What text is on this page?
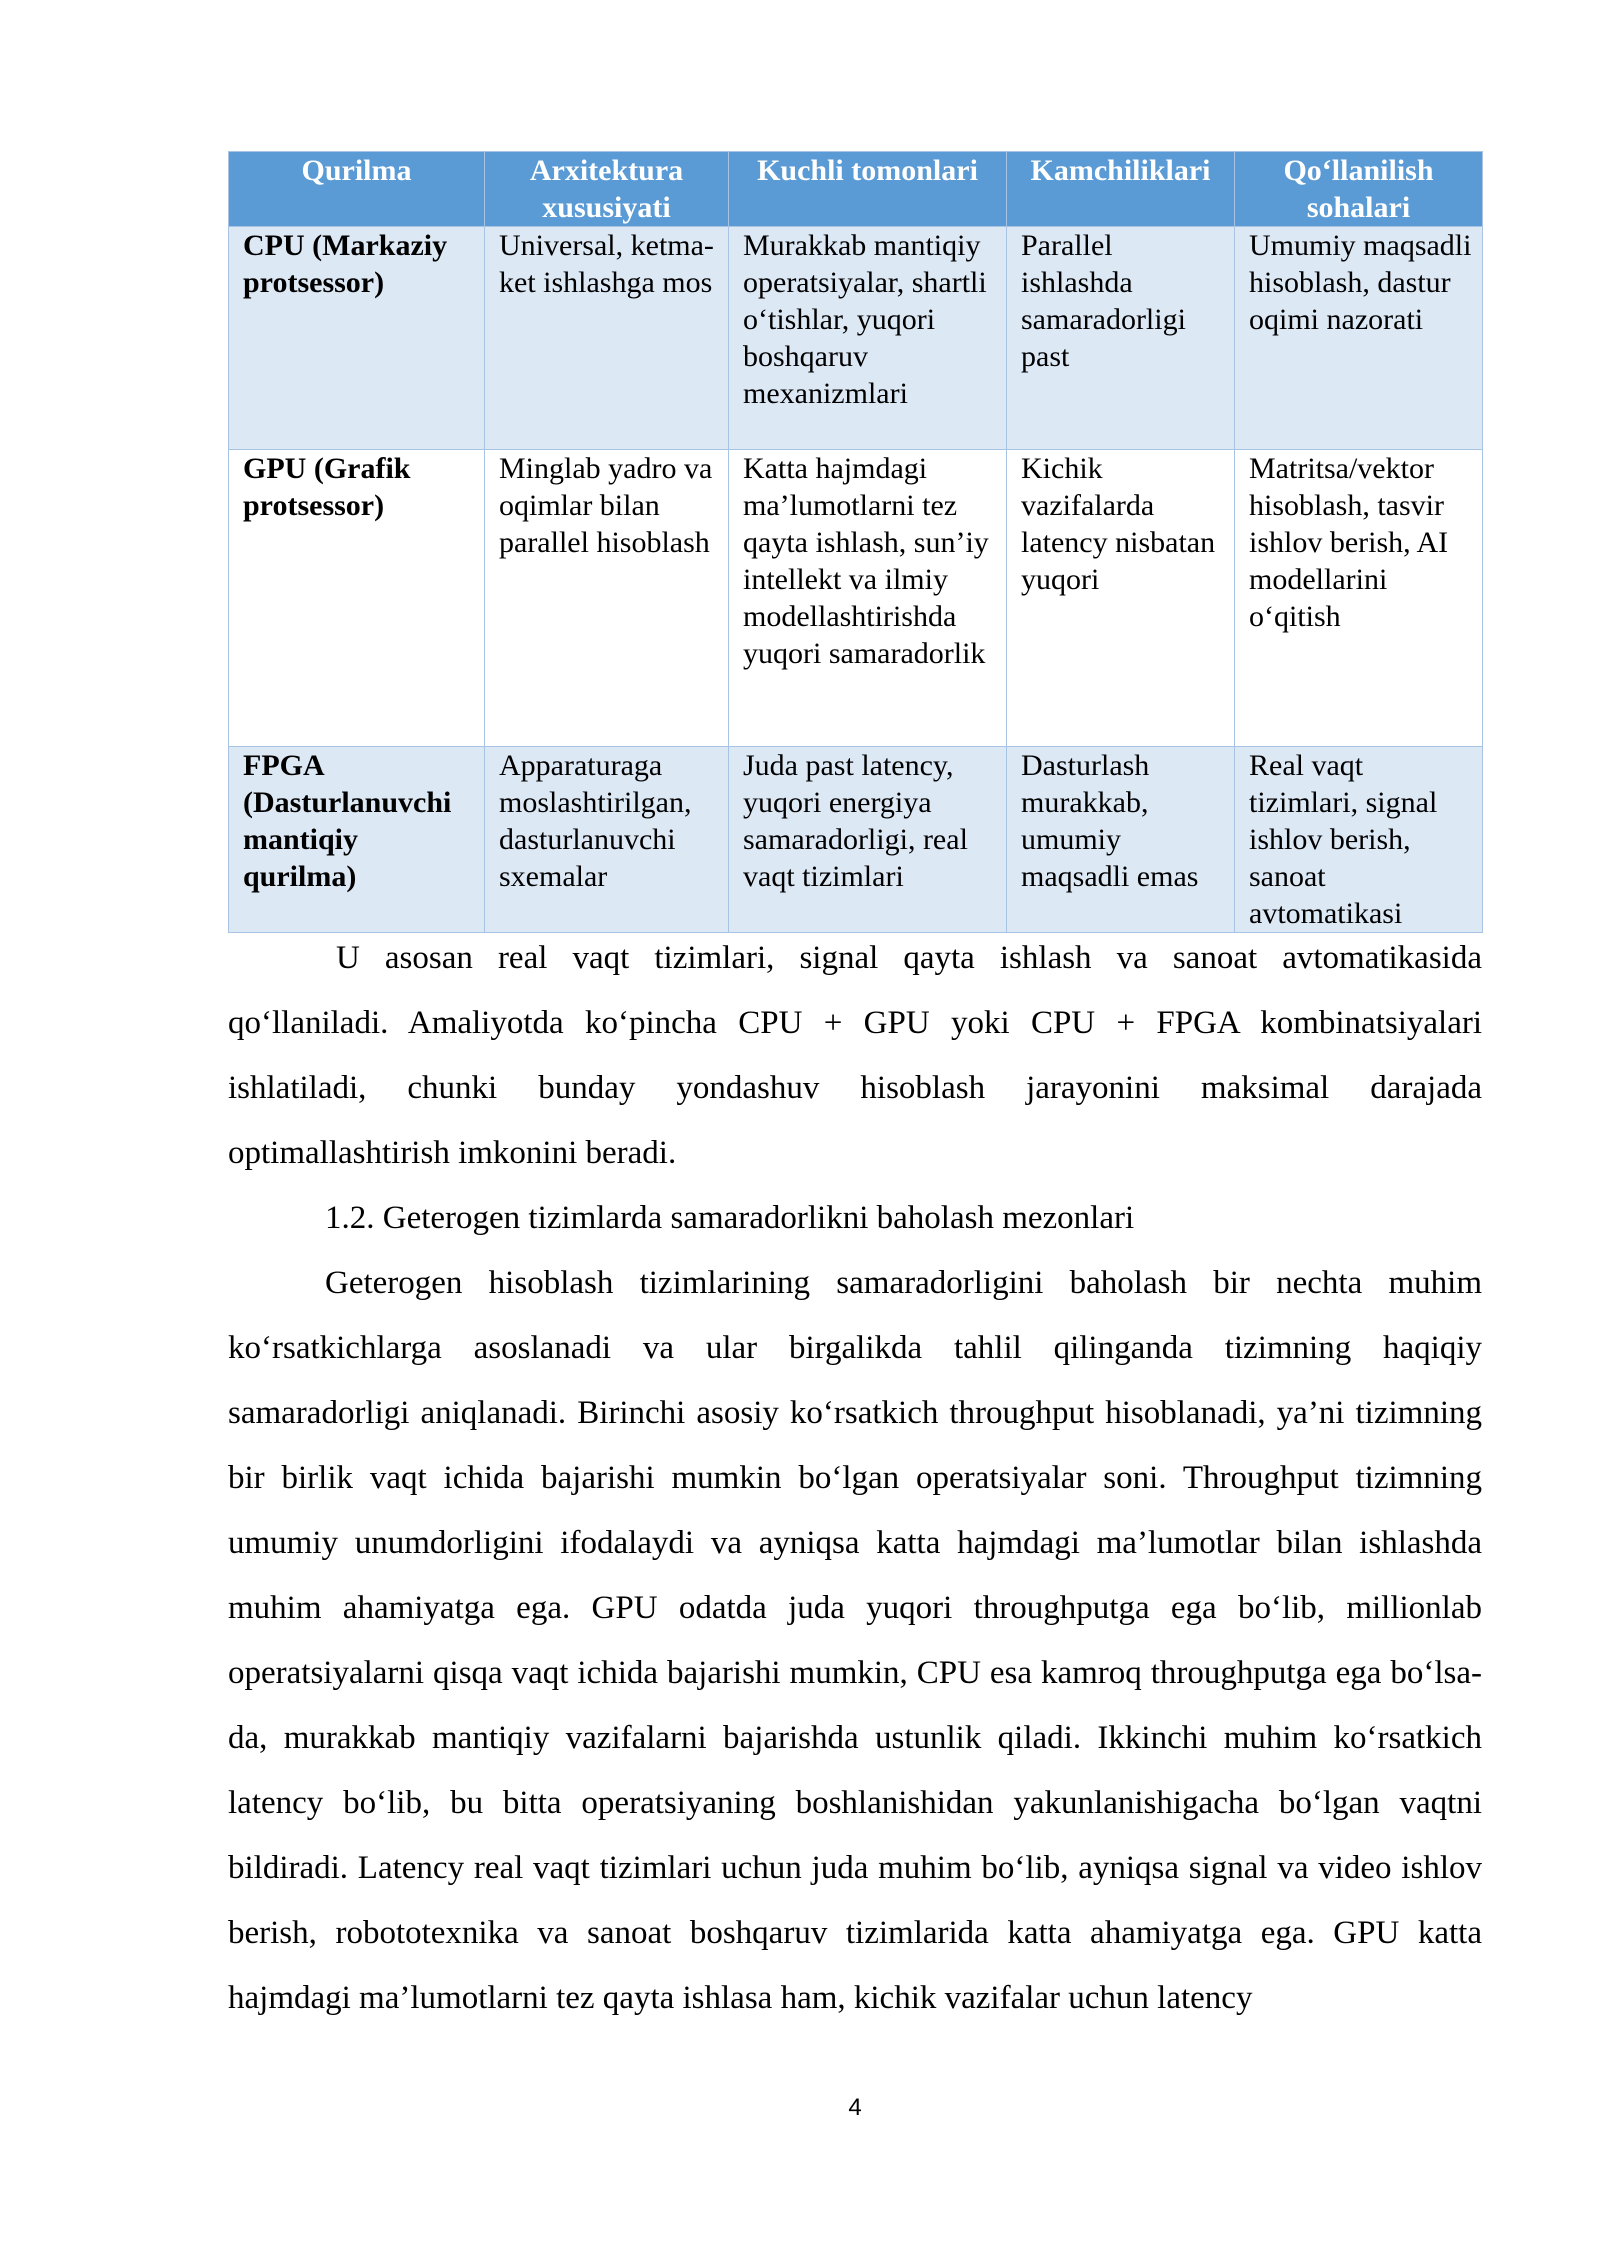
Qurilma	Arxitektura xususiyati	Kuchli tomonlari	Kamchiliklari	Qo‘llanilish sohalari
CPU (Markaziy protsessor)	Universal, ketma-ket ishlashga mos	Murakkab mantiqiy operatsiyalar, shartli o‘tishlar, yuqori boshqaruv mexanizmlari	Parallel ishlashda samaradorligi past	Umumiy maqsadli hisoblash, dastur oqimi nazorati
GPU (Grafik protsessor)	Minglab yadro va oqimlar bilan parallel hisoblash	Katta hajmdagi ma’lumotlarni tez qayta ishlash, sun’iy intellekt va ilmiy modellashtirishda yuqori samaradorlik	Kichik vazifalarda latency nisbatan yuqori	Matritsa/vektor hisoblash, tasvir ishlov berish, AI modellarini o‘qitish
FPGA (Dasturlanuvchi mantiqiy qurilma)	Apparaturaga moslashtirilgan, dasturlanuvchi sxemalar	Juda past latency, yuqori energiya samaradorligi, real vaqt tizimlari	Dasturlash murakkab, umumiy maqsadli emas	Real vaqt tizimlari, signal ishlov berish, sanoat avtomatikasi

U asosan real vaqt tizimlari, signal qayta ishlash va sanoat avtomatikasida qo‘llaniladi. Amaliyotda ko‘pincha CPU + GPU yoki CPU + FPGA kombinatsiyalari ishlatiladi, chunki bunday yondashuv hisoblash jarayonini maksimal darajada optimallashtirish imkonini beradi.

1.2. Geterogen tizimlarda samaradorlikni baholash mezonlari

Geterogen hisoblash tizimlarining samaradorligini baholash bir nechta muhim ko‘rsatkichlarga asoslanadi va ular birgalikda tahlil qilinganda tizimning haqiqiy samaradorligi aniqlanadi. Birinchi asosiy ko‘rsatkich throughput hisoblanadi, ya’ni tizimning bir birlik vaqt ichida bajarishi mumkin bo‘lgan operatsiyalar soni. Throughput tizimning umumiy unumdorligini ifodalaydi va ayniqsa katta hajmdagi ma’lumotlar bilan ishlashda muhim ahamiyatga ega. GPU odatda juda yuqori throughputga ega bo‘lib, millionlab operatsiyalarni qisqa vaqt ichida bajarishi mumkin, CPU esa kamroq throughputga ega bo‘lsa-da, murakkab mantiqiy vazifalarni bajarishda ustunlik qiladi. Ikkinchi muhim ko‘rsatkich latency bo‘lib, bu bitta operatsiyaning boshlanishidan yakunlanishigacha bo‘lgan vaqtni bildiradi. Latency real vaqt tizimlari uchun juda muhim bo‘lib, ayniqsa signal va video ishlov berish, robototexnika va sanoat boshqaruv tizimlarida katta ahamiyatga ega. GPU katta hajmdagi ma’lumotlarni tez qayta ishlasa ham, kichik vazifalar uchun latency

4
